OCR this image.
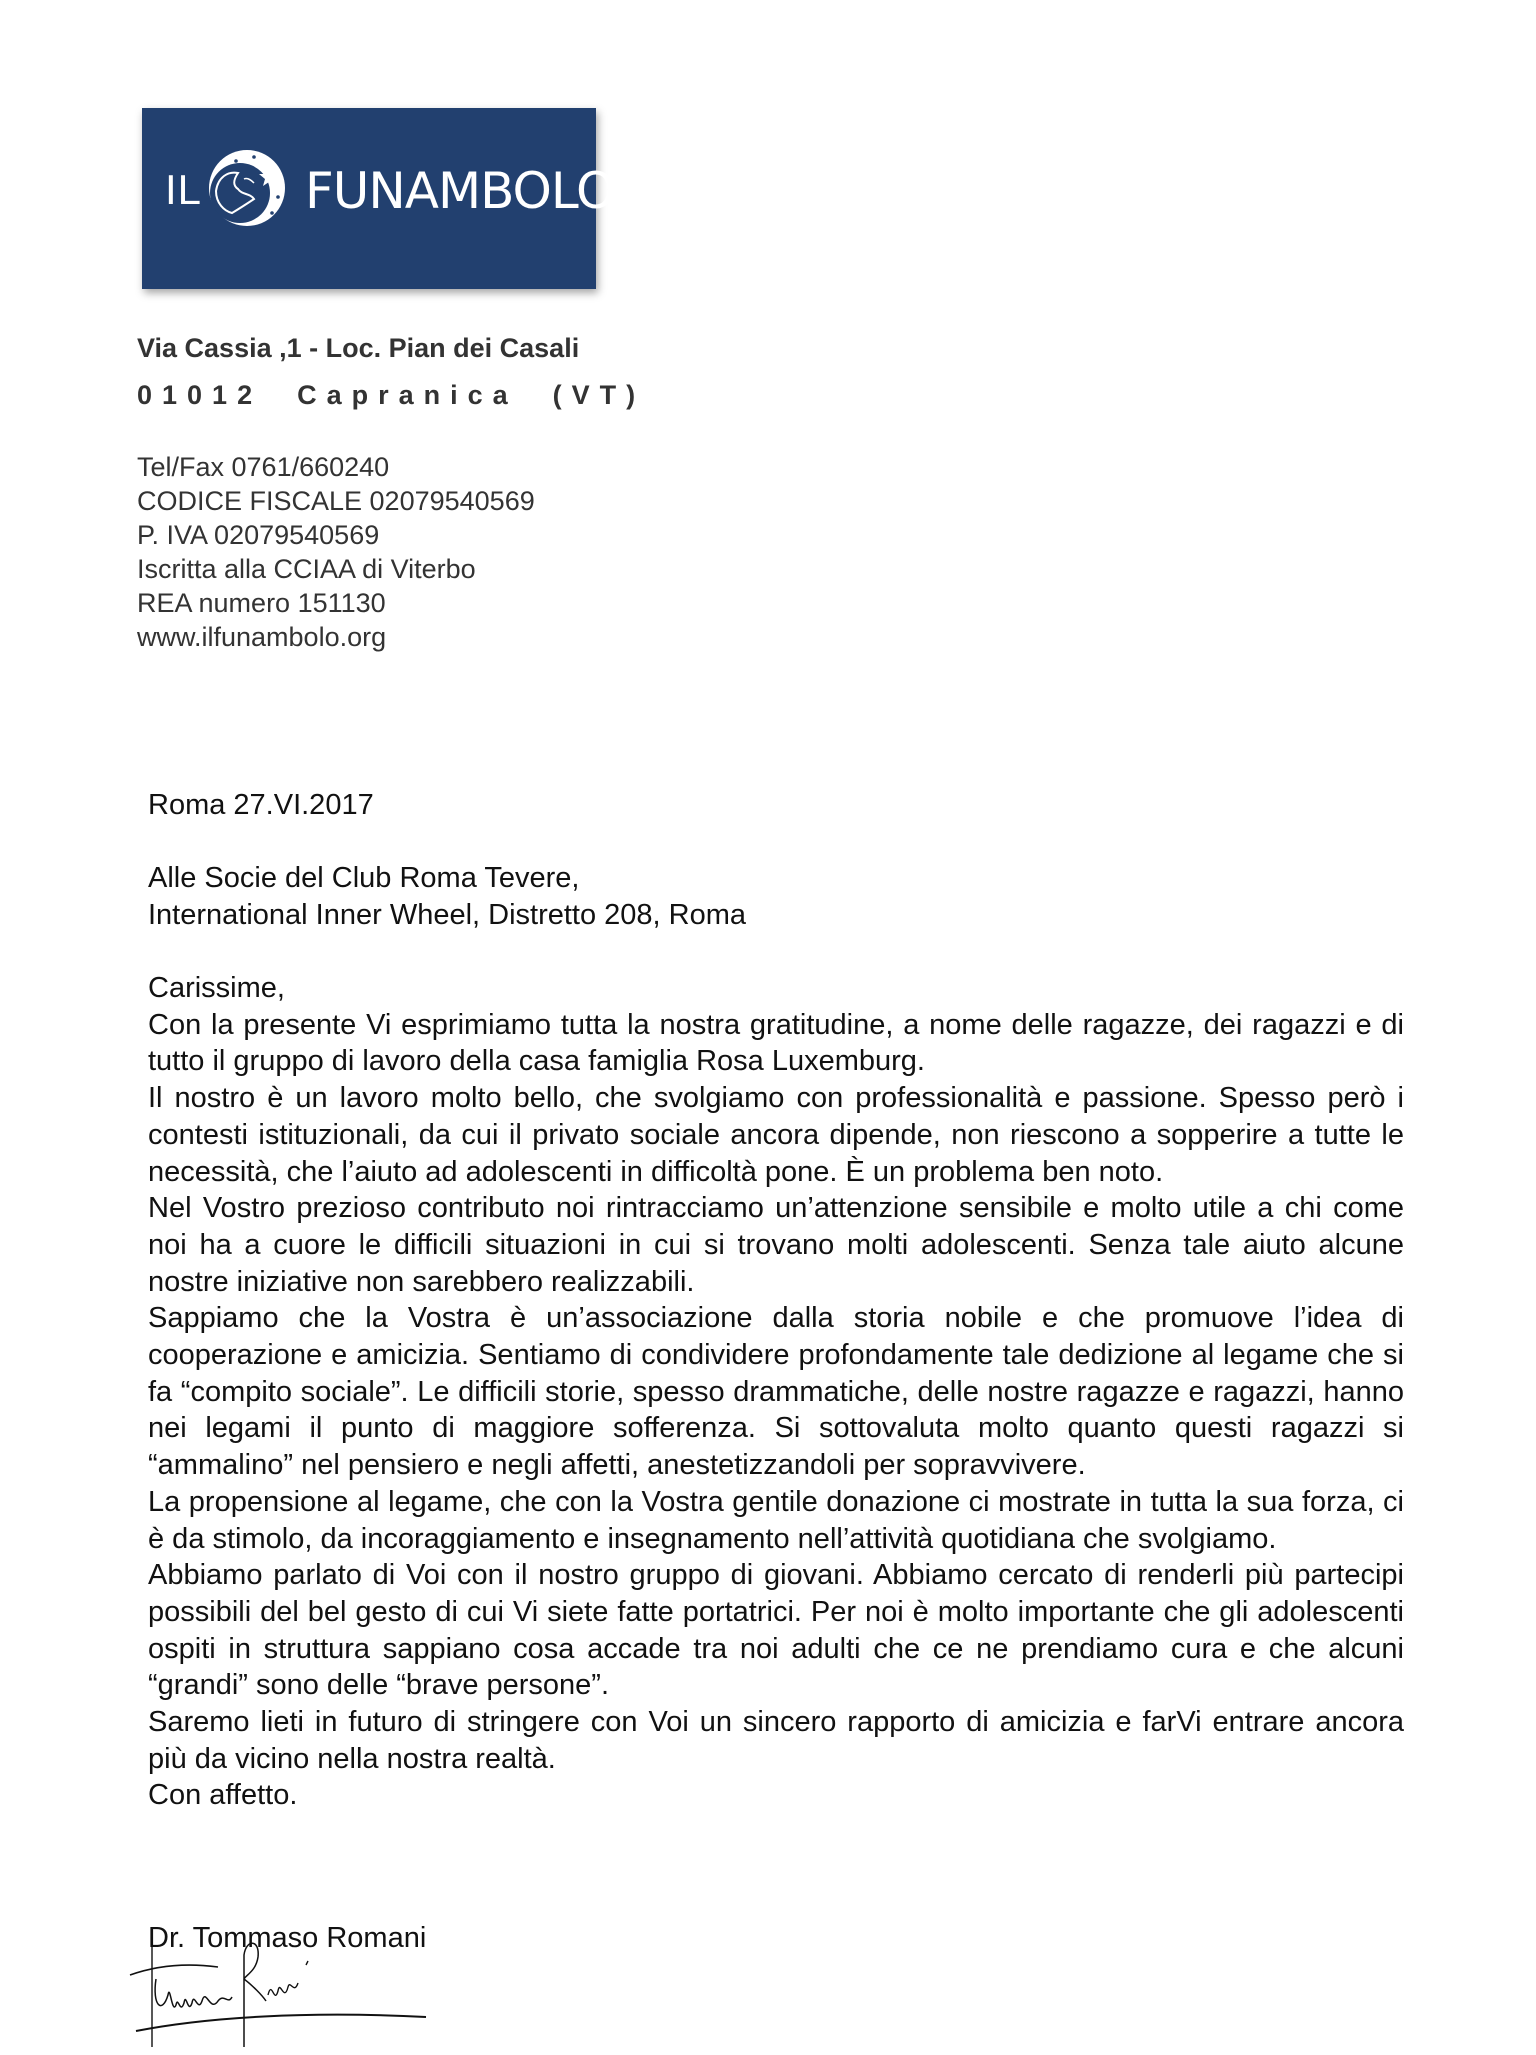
IL FUNAMBOLO
Via Cassia ,1 - Loc. Pian dei Casali
01012  Capranica  (VT)
Tel/Fax 0761/660240
CODICE FISCALE 02079540569
P. IVA 02079540569
Iscritta alla CCIAA di Viterbo
REA numero 151130
www.ilfunambolo.org
Roma 27.VI.2017
Alle Socie del Club Roma Tevere,
International Inner Wheel, Distretto 208, Roma

Carissime,

Con la presente Vi esprimiamo tutta la nostra gratitudine, a nome delle ragazze, dei ragazzi e di tutto il gruppo di lavoro della casa famiglia Rosa Luxemburg.

Il nostro è un lavoro molto bello, che svolgiamo con professionalità e passione. Spesso però i contesti istituzionali, da cui il privato sociale ancora dipende, non riescono a sopperire a tutte le necessità, che l’aiuto ad adolescenti in difficoltà pone. È un problema ben noto.

Nel Vostro prezioso contributo noi rintracciamo un’attenzione sensibile e molto utile a chi come noi ha a cuore le difficili situazioni in cui si trovano molti adolescenti. Senza tale aiuto alcune nostre iniziative non sarebbero realizzabili.

Sappiamo che la Vostra è un’associazione dalla storia nobile e che promuove l’idea di cooperazione e amicizia. Sentiamo di condividere profondamente tale dedizione al legame che si fa “compito sociale”. Le difficili storie, spesso drammatiche, delle nostre ragazze e ragazzi, hanno nei legami il punto di maggiore sofferenza. Si sottovaluta molto quanto questi ragazzi si “ammalino” nel pensiero e negli affetti, anestetizzandoli per sopravvivere.

La propensione al legame, che con la Vostra gentile donazione ci mostrate in tutta la sua forza, ci è da stimolo, da incoraggiamento e insegnamento nell’attività quotidiana che svolgiamo.

Abbiamo parlato di Voi con il nostro gruppo di giovani. Abbiamo cercato di renderli più partecipi possibili del bel gesto di cui Vi siete fatte portatrici. Per noi è molto importante che gli adolescenti ospiti in struttura sappiano cosa accade tra noi adulti che ce ne prendiamo cura e che alcuni “grandi” sono delle “brave persone”.

Saremo lieti in futuro di stringere con Voi un sincero rapporto di amicizia e farVi entrare ancora più da vicino nella nostra realtà.

Con affetto.

Dr. Tommaso Romani
